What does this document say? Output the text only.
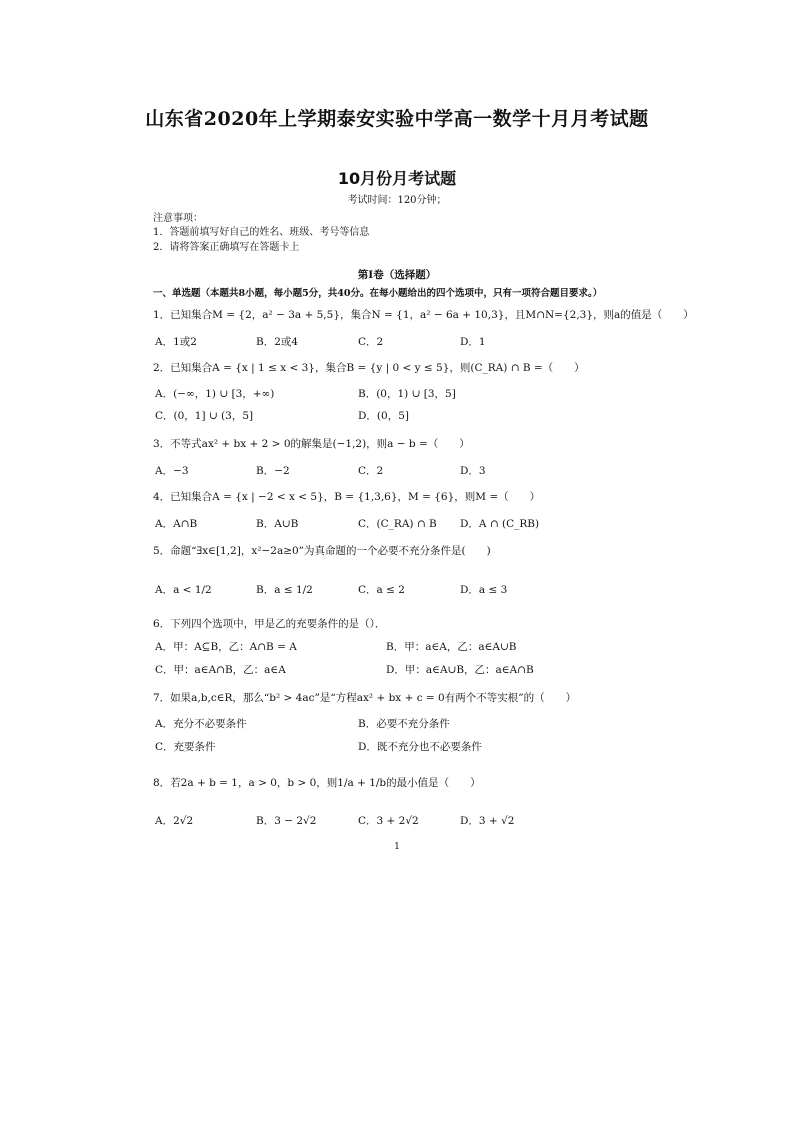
山东省2020年上学期泰安实验中学高一数学十月月考试题
10月份月考试题
考试时间：120分钟；
注意事项：
1．答题前填写好自己的姓名、班级、考号等信息
2．请将答案正确填写在答题卡上
第I卷（选择题）
一、单选题（本题共8小题，每小题5分，共40分。在每小题给出的四个选项中，只有一项符合题目要求。）
1．已知集合M = {2，a² − 3a + 5,5}，集合N = {1，a² − 6a + 10,3}，且M∩N={2,3}，则a的值是（　　）
A．1或2	B．2或4	C．2	D．1
2．已知集合A = {x | 1 ≤ x < 3}，集合B = {y | 0 < y ≤ 5}，则(C_RA) ∩ B =（　　）
A．(−∞，1) ∪ [3，+∞)	B．(0，1) ∪ [3，5]
C．(0，1] ∪ (3，5]	D．(0，5]
3．不等式ax² + bx + 2 > 0的解集是(−1,2)，则a − b =（　　）
A．−3	B．−2	C．2	D．3
4．已知集合A = {x | −2 < x < 5}，B = {1,3,6}，M = {6}，则M =（　　）
A．A∩B	B．A∪B	C．(C_RA) ∩ B D．A ∩ (C_RB)
5．命题“∃x∈[1,2]，x²−2a≥0”为真命题的一个必要不充分条件是(　　)
A．a < 1/2	B．a ≤ 1/2	C．a ≤ 2	D．a ≤ 3
6．下列四个选项中，甲是乙的充要条件的是（）．
A．甲：A⊆B，乙：A∩B = A	B．甲：a∈A，乙：a∈A∪B
C．甲：a∈A∩B，乙：a∈A	D．甲：a∈A∪B，乙：a∈A∩B
7．如果a,b,c∈R，那么“b² > 4ac”是“方程ax² + bx + c = 0有两个不等实根”的（　　）
A．充分不必要条件	B．必要不充分条件
C．充要条件	D．既不充分也不必要条件
8．若2a + b = 1，a > 0，b > 0，则1/a + 1/b的最小值是（　　）
A．2√2	B．3 − 2√2	C．3 + 2√2	D．3 + √2
1
